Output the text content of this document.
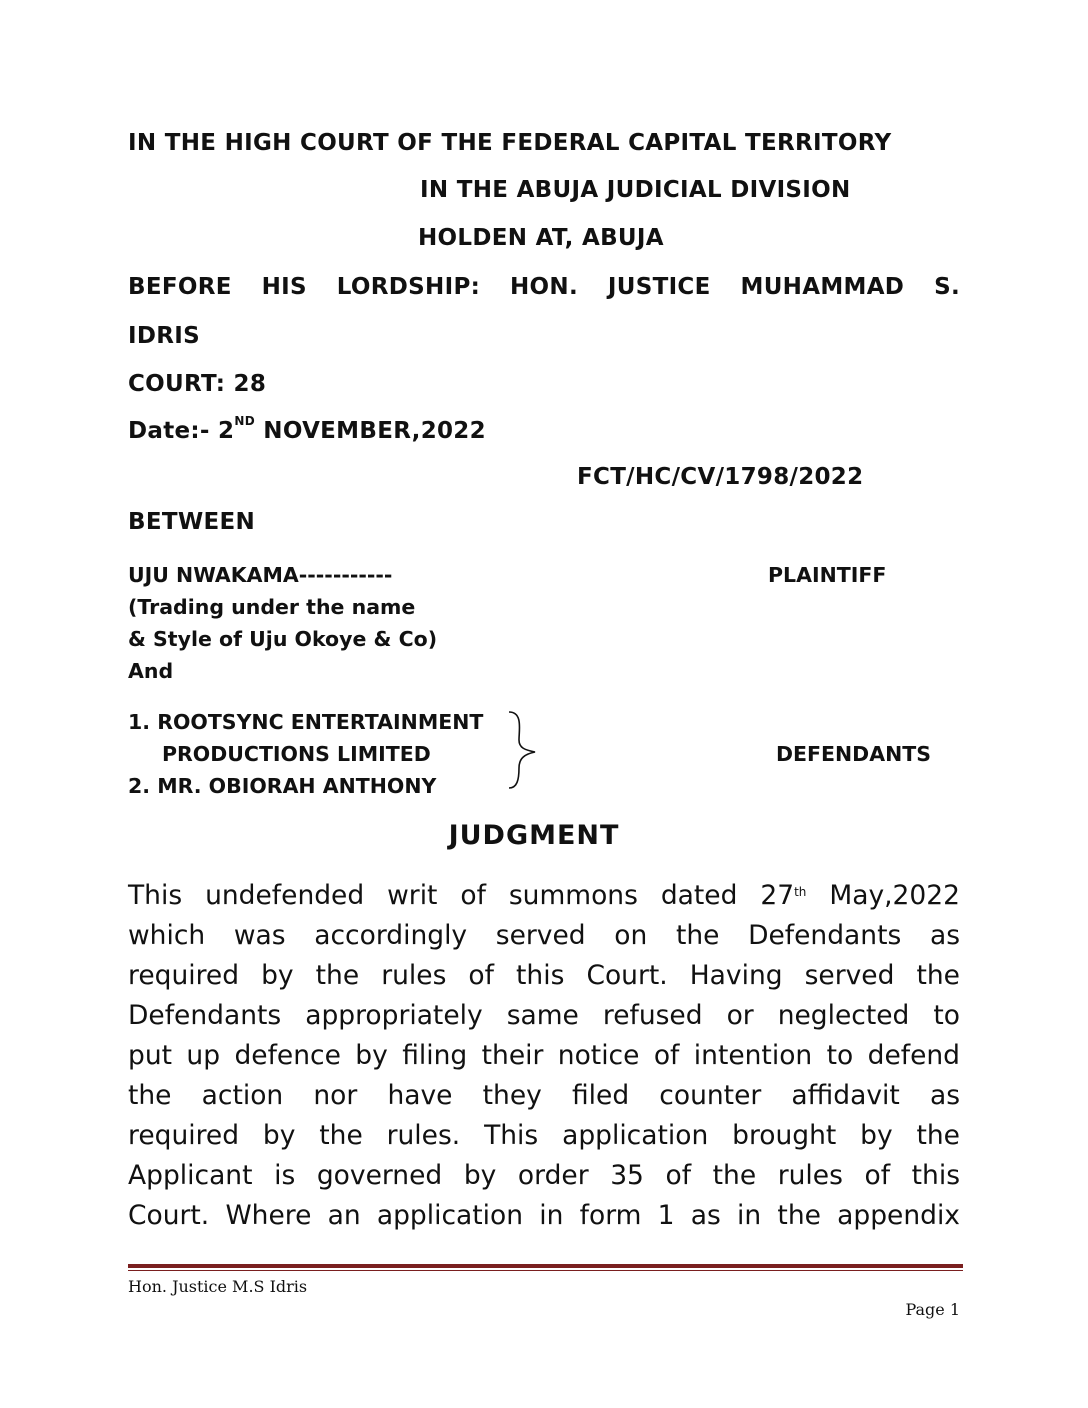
IN THE HIGH COURT OF THE FEDERAL CAPITAL TERRITORY
IN THE ABUJA JUDICIAL DIVISION
HOLDEN AT, ABUJA
BEFORE HIS LORDSHIP: HON. JUSTICE MUHAMMAD S.
IDRIS
COURT: 28
Date:- 2ND NOVEMBER,2022
FCT/HC/CV/1798/2022
BETWEEN
UJU NWAKAMA-----------	PLAINTIFF
(Trading under the name
& Style of Uju Okoye & Co)
And
1. ROOTSYNC ENTERTAINMENT
PRODUCTIONS LIMITED
2. MR. OBIORAH ANTHONY
DEFENDANTS
JUDGMENT
This undefended writ of summons dated 27th May,2022
which was accordingly served on the Defendants as
required by the rules of this Court. Having served the
Defendants appropriately same refused or neglected to
put up defence by filing their notice of intention to defend
the action nor have they filed counter affidavit as
required by the rules. This application brought by the
Applicant is governed by order 35 of the rules of this
Court. Where an application in form 1 as in the appendix
Hon. Justice M.S Idris
Page 1
